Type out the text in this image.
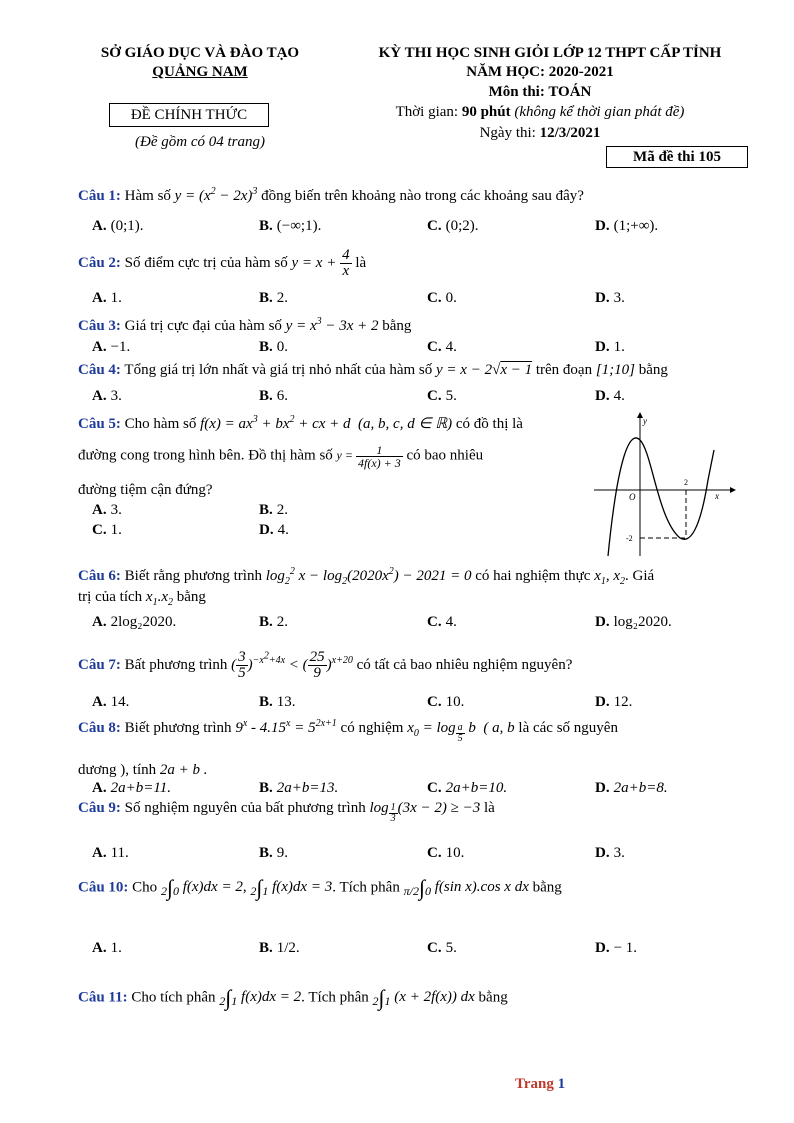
SỞ GIÁO DỤC VÀ ĐÀO TẠO
QUẢNG NAM
ĐỀ CHÍNH THỨC
(Đề gồm có 04 trang)
KỲ THI HỌC SINH GIỎI LỚP 12 THPT CẤP TỈNH
NĂM HỌC: 2020-2021
Môn thi: TOÁN
Thời gian: 90 phút (không kể thời gian phát đề)
Ngày thi: 12/3/2021
Mã đề thi 105
Câu 1: Hàm số $y = (x^2 - 2x)^3$ đồng biến trên khoảng nào trong các khoảng sau đây?
A. (0;1).	B. (−∞;1).	C. (0;2).	D. (1;+∞).
Câu 2: Số điểm cực trị của hàm số $y = x + \frac{4}{x}$ là
A. 1.	B. 2.	C. 0.	D. 3.
Câu 3: Giá trị cực đại của hàm số $y = x^3 - 3x + 2$ bằng
A. −1.	B. 0.	C. 4.	D. 1.
Câu 4: Tổng giá trị lớn nhất và giá trị nhỏ nhất của hàm số y = x − 2√x − 1 trên đoạn [1;10] bằng
A. 3.	B. 6.	C. 5.	D. 4.
Câu 5: Cho hàm số $f(x) = ax^3 + bx^2$ + cx + d  (a, b, c, d ∈ ℝ) có đồ thị là
đường cong trong hình bên. Đồ thị hàm số $y = \frac{1}{4f(x) + 3}$ có bao nhiêu
đường tiệm cận đứng?
A. 3.	B. 2.
C. 1.	D. 4.
y
x
O
2
-2
Câu 6: Biết rằng phương trình $\log_2^2 x - \log_2(2020x^2) - 2021 = 0$ có hai nghiệm thực $x_1$, $x_2$. Giá
trị của tích $x_1.x_2$ bằng
A. 2log₂2020.	B. 2.	C. 4.	D. log₂2020.
Câu 7: Bất phương trình ( $\frac{3}{5} )^{-x^2+4x}$ < ( $\frac{25}{9} )^{x+20}$ có tất cả bao nhiêu nghiệm nguyên?
A. 14.	B. 13.	C. 10.	D. 12.
Câu 8: Biết phương trình $9^x - 4.15^x = 5^{2x+1}$ có nghiệm $x_0 = \log _{\frac{a}{5}}$ b  ( a, b là các số nguyên
dương ), tính 2a + b .
A. 2a+b=11.	B. 2a+b=13.	C. 2a+b=10.	D. 2a+b=8.
Câu 9: Số nghiệm nguyên của bất phương trình log $_{\frac{1}{3}}$ (3x − 2) ≥ −3 là
A. 11.	B. 9.	C. 10.	D. 3.
Câu 10: Cho 2∫0 f(x)dx = 2, 2∫1 f(x)dx = 3. Tích phân π/2∫0 f(sin x).cos x dx bằng
A. 1.	B. 1/2.	C. 5.	D. − 1.
Câu 11: Cho tích phân 2∫1 f(x)dx = 2. Tích phân 2∫1 (x + 2f(x)) dx bằng
Trang 1
